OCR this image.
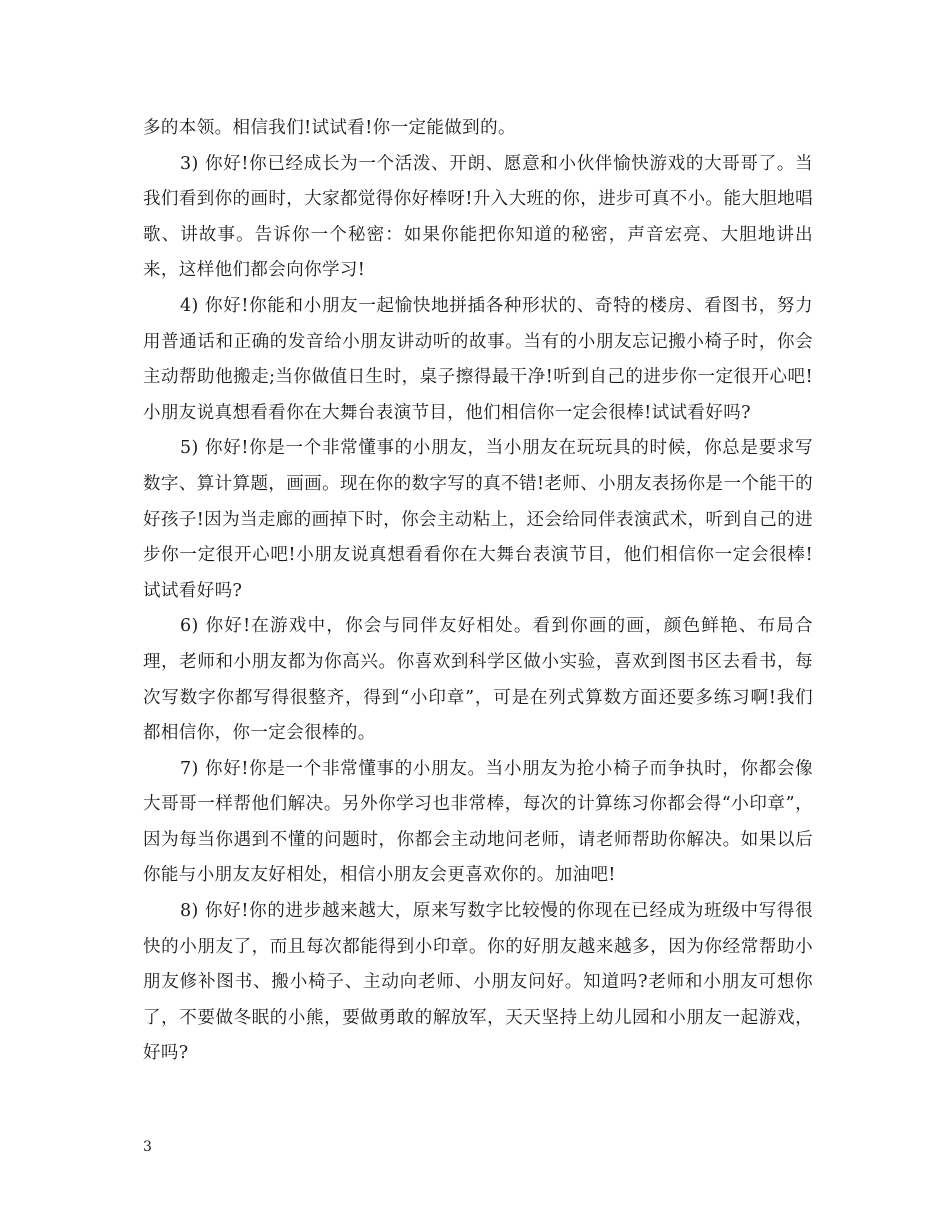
多的本领。相信我们!试试看!你一定能做到的。

3) 你好!你已经成长为一个活泼、开朗、愿意和小伙伴愉快游戏的大哥哥了。当我们看到你的画时，大家都觉得你好棒呀!升入大班的你，进步可真不小。能大胆地唱歌、讲故事。告诉你一个秘密：如果你能把你知道的秘密，声音宏亮、大胆地讲出来，这样他们都会向你学习!

4) 你好!你能和小朋友一起愉快地拼插各种形状的、奇特的楼房、看图书，努力用普通话和正确的发音给小朋友讲动听的故事。当有的小朋友忘记搬小椅子时，你会主动帮助他搬走;当你做值日生时，桌子擦得最干净!听到自己的进步你一定很开心吧!小朋友说真想看看你在大舞台表演节目，他们相信你一定会很棒!试试看好吗?

5) 你好!你是一个非常懂事的小朋友，当小朋友在玩玩具的时候，你总是要求写数字、算计算题，画画。现在你的数字写的真不错!老师、小朋友表扬你是一个能干的好孩子!因为当走廊的画掉下时，你会主动粘上，还会给同伴表演武术，听到自己的进步你一定很开心吧!小朋友说真想看看你在大舞台表演节目，他们相信你一定会很棒!试试看好吗?

6) 你好!在游戏中，你会与同伴友好相处。看到你画的画，颜色鲜艳、布局合理，老师和小朋友都为你高兴。你喜欢到科学区做小实验，喜欢到图书区去看书，每次写数字你都写得很整齐，得到“小印章”，可是在列式算数方面还要多练习啊!我们都相信你，你一定会很棒的。

7) 你好!你是一个非常懂事的小朋友。当小朋友为抢小椅子而争执时，你都会像大哥哥一样帮他们解决。另外你学习也非常棒，每次的计算练习你都会得“小印章”，因为每当你遇到不懂的问题时，你都会主动地问老师，请老师帮助你解决。如果以后你能与小朋友友好相处，相信小朋友会更喜欢你的。加油吧!

8) 你好!你的进步越来越大，原来写数字比较慢的你现在已经成为班级中写得很快的小朋友了，而且每次都能得到小印章。你的好朋友越来越多，因为你经常帮助小朋友修补图书、搬小椅子、主动向老师、小朋友问好。知道吗?老师和小朋友可想你了，不要做冬眠的小熊，要做勇敢的解放军，天天坚持上幼儿园和小朋友一起游戏，好吗?

3
